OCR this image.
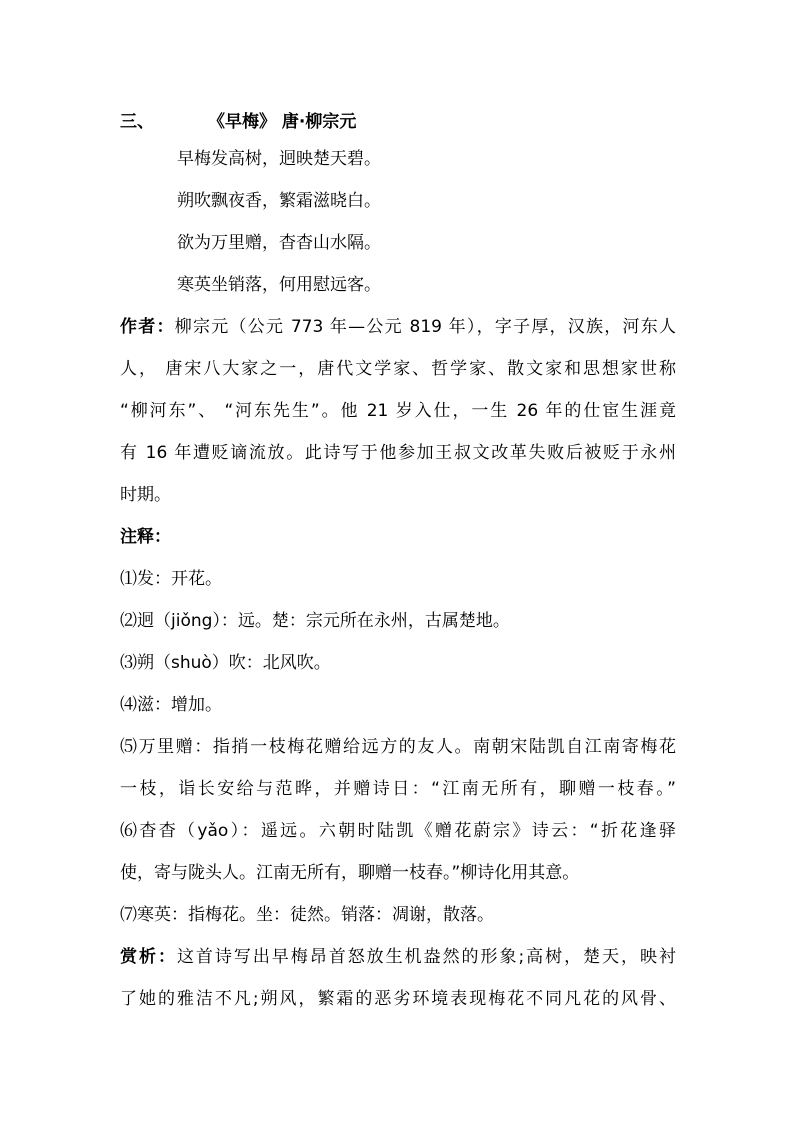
三、	《早梅》 唐·柳宗元
早梅发高树，迥映楚天碧。
朔吹飘夜香，繁霜滋晓白。
欲为万里赠，杳杳山水隔。
寒英坐销落，何用慰远客。
作者：柳宗元（公元 773 年—公元 819 年），字子厚，汉族，河东人
人， 唐宋八大家之一，唐代文学家、哲学家、散文家和思想家世称
“柳河东”、 “河东先生”。他 21 岁入仕，一生 26 年的仕宦生涯竟
有 16 年遭贬谪流放。此诗写于他参加王叔文改革失败后被贬于永州
时期。
注释：
⑴发：开花。
⑵迥（jiǒng）：远。楚：宗元所在永州，古属楚地。
⑶朔（shuò）吹：北风吹。
⑷滋：增加。
⑸万里赠：指捎一枝梅花赠给远方的友人。南朝宋陆凯自江南寄梅花
一枝，诣长安给与范晔，并赠诗日：“江南无所有，聊赠一枝春。”
⑹杳杳（yǎo）：遥远。六朝时陆凯《赠花蔚宗》诗云：“折花逢驿
使，寄与陇头人。江南无所有，聊赠一枝春。”柳诗化用其意。
⑺寒英：指梅花。坐：徒然。销落：凋谢，散落。
赏析：这首诗写出早梅昂首怒放生机盎然的形象;高树，楚天，映衬
了她的雅洁不凡;朔风，繁霜的恶劣环境表现梅花不同凡花的风骨、
